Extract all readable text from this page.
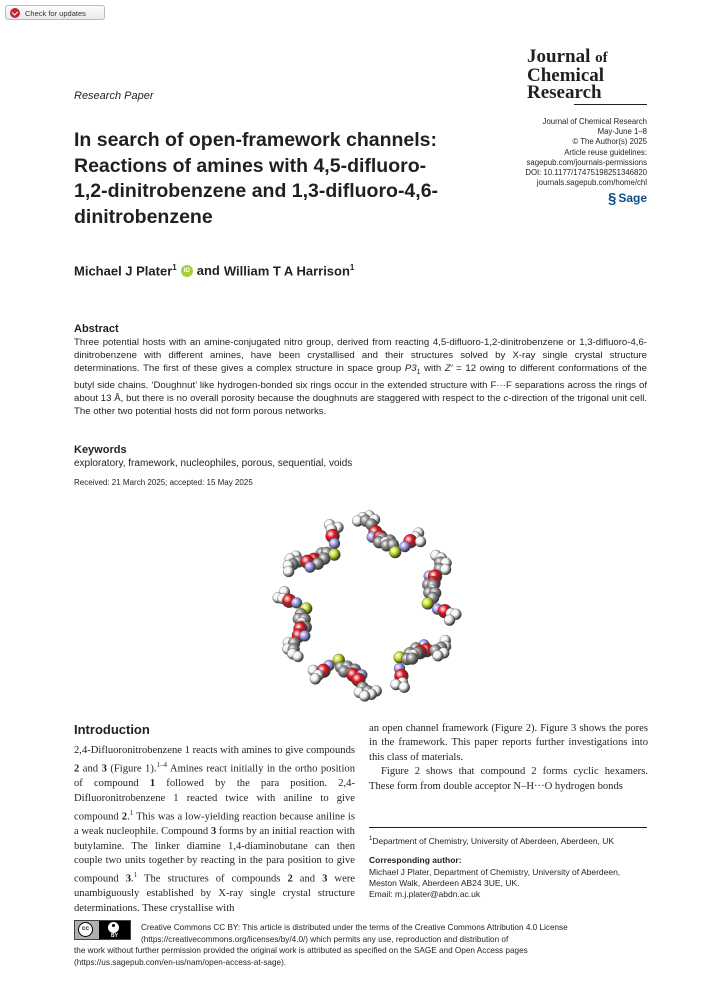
Check for updates
Journal of
Chemical
Research
Research Paper
In search of open-framework channels: Reactions of amines with 4,5-difluoro-1,2-dinitrobenzene and 1,3-difluoro-4,6-dinitrobenzene
Journal of Chemical Research
May-June 1–8
© The Author(s) 2025
Article reuse guidelines:
sagepub.com/journals-permissions
DOI: 10.1177/17475198251346820
journals.sagepub.com/home/chl
§ Sage
Michael J Plater$^1$	iD and William T A Harrison$^1$
Abstract
Three potential hosts with an amine-conjugated nitro group, derived from reacting 4,5-difluoro-1,2-dinitrobenzene or 1,3-difluoro-4,6-dinitrobenzene with different amines, have been crystallised and their structures solved by X-ray single crystal structure determinations. The first of these gives a complex structure in space group $P3_1$ with Z′ = 12 owing to different conformations of the butyl side chains. ‘Doughnut’ like hydrogen-bonded six rings occur in the extended structure with F···F separations across the rings of about 13 Å, but there is no overall porosity because the doughnuts are staggered with respect to the c-direction of the trigonal unit cell. The other two potential hosts did not form porous networks.
Keywords
exploratory, framework, nucleophiles, porous, sequential, voids
Received: 21 March 2025; accepted: 15 May 2025
Introduction

2,4-Difluoronitrobenzene 1 reacts with amines to give compounds 2 and 3 (Figure 1).$^{1-4}$ Amines react initially in the ortho position of compound 1 followed by the para position. 2,4-Difluoronitrobenzene 1 reacted twice with aniline to give compound 2.$^1$ This was a low-yielding reaction because aniline is a weak nucleophile. Compound 3 forms by an initial reaction with butylamine. The linker diamine 1,4-diaminobutane can then couple two units together by reacting in the para position to give compound 3.$^1$ The structures of compounds 2 and 3 were unambiguously established by X-ray single crystal structure determinations. These crystallise with

an open channel framework (Figure 2). Figure 3 shows the pores in the framework. This paper reports further investigations into this class of materials.

Figure 2 shows that compound 2 forms cyclic hexamers. These form from double acceptor N–H···O hydrogen bonds

$^1$Department of Chemistry, University of Aberdeen, Aberdeen, UK
Corresponding author:
Michael J Plater, Department of Chemistry, University of Aberdeen,
Meston Walk, Aberdeen AB24 3UE, UK.
Email: m.j.plater@abdn.ac.uk
cc
BY
Creative Commons CC BY: This article is distributed under the terms of the Creative Commons Attribution 4.0 License
(https://creativecommons.org/licenses/by/4.0/) which permits any use, reproduction and distribution of
the work without further permission provided the original work is attributed as specified on the SAGE and Open Access pages
(https://us.sagepub.com/en-us/nam/open-access-at-sage).
